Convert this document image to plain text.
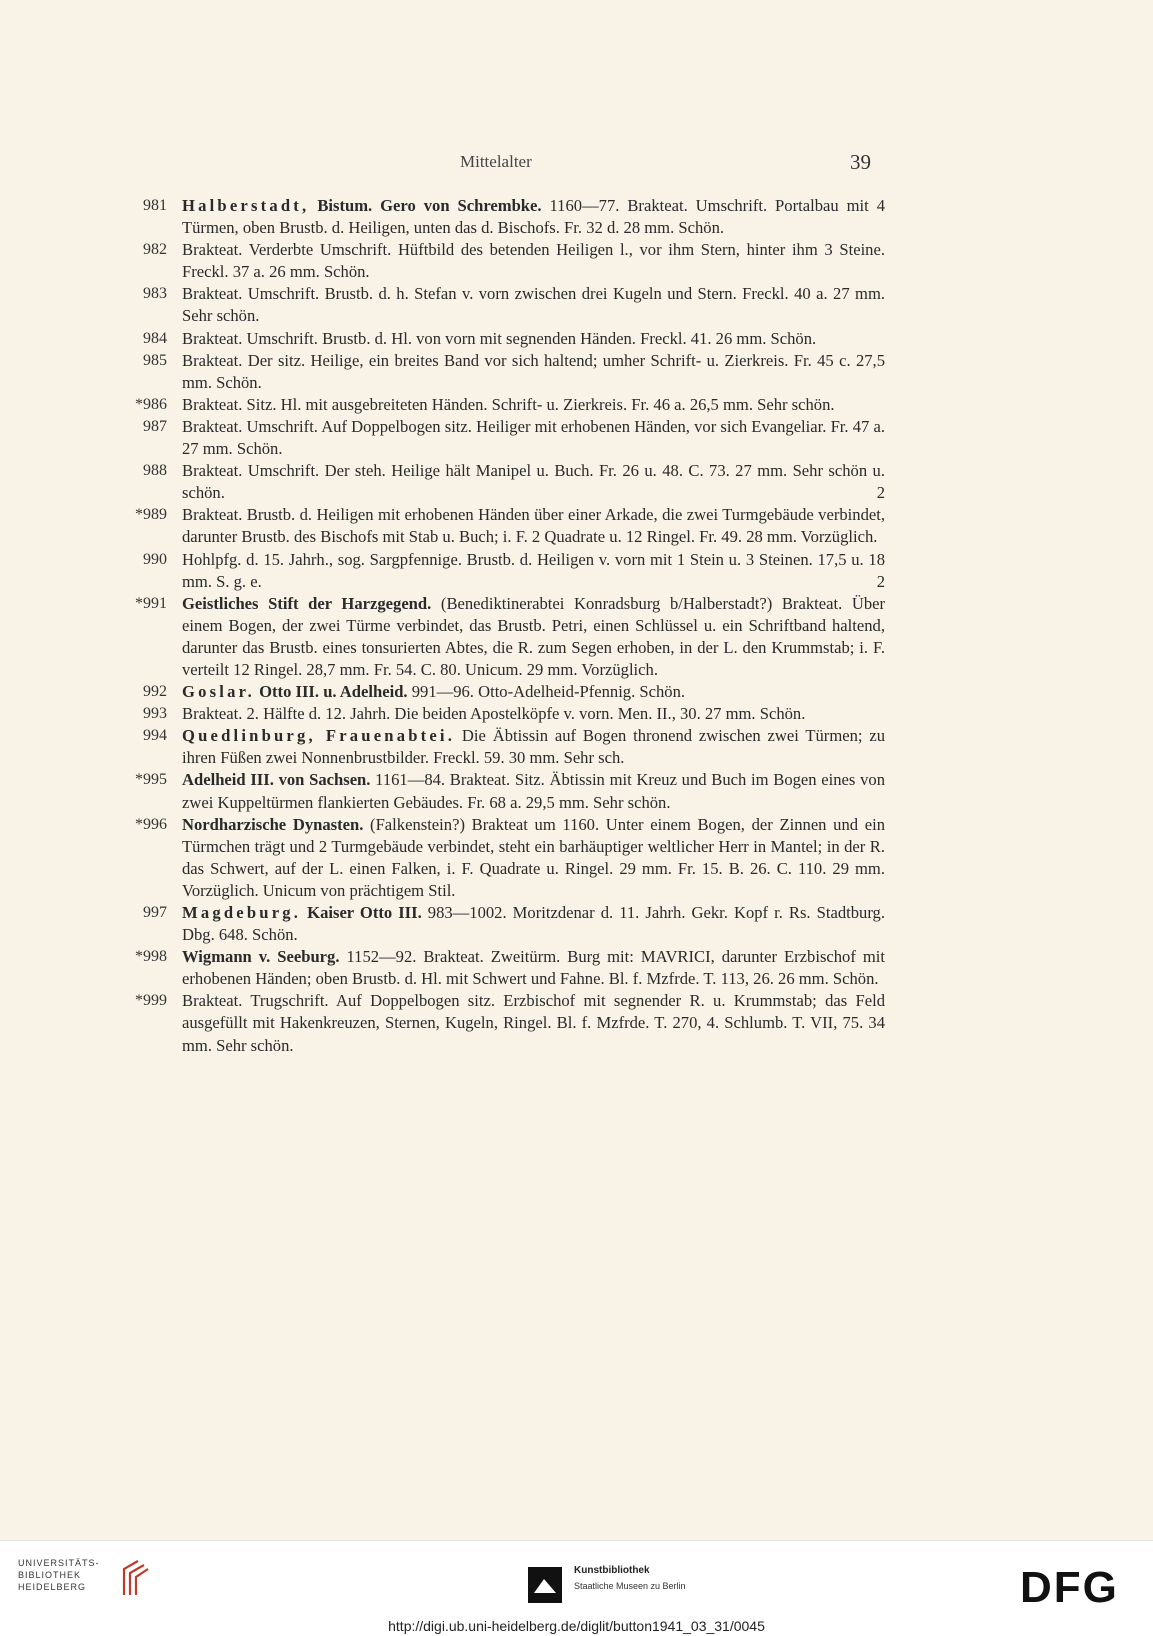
Mittelalter	39
981 Halberstadt, Bistum. Gero von Schrembke. 1160—77. Brakteat. Umschrift. Portalbau mit 4 Türmen, oben Brustb. d. Heiligen, unten das d. Bischofs. Fr. 32 d. 28 mm. Schön.
982 Brakteat. Verderbte Umschrift. Hüftbild des betenden Heiligen l., vor ihm Stern, hinter ihm 3 Steine. Freckl. 37 a. 26 mm. Schön.
983 Brakteat. Umschrift. Brustb. d. h. Stefan v. vorn zwischen drei Kugeln und Stern. Freckl. 40 a. 27 mm. Sehr schön.
984 Brakteat. Umschrift. Brustb. d. Hl. von vorn mit segnenden Händen. Freckl. 41. 26 mm. Schön.
985 Brakteat. Der sitz. Heilige, ein breites Band vor sich haltend; umher Schrift- u. Zierkreis. Fr. 45 c. 27,5 mm. Schön.
*986 Brakteat. Sitz. Hl. mit ausgebreiteten Händen. Schrift- u. Zierkreis. Fr. 46 a. 26,5 mm. Sehr schön.
987 Brakteat. Umschrift. Auf Doppelbogen sitz. Heiliger mit erhobenen Händen, vor sich Evangeliar. Fr. 47 a. 27 mm. Schön.
988 Brakteat. Umschrift. Der steh. Heilige hält Manipel u. Buch. Fr. 26 u. 48. C. 73. 27 mm. Sehr schön u. schön.	2
*989 Brakteat. Brustb. d. Heiligen mit erhobenen Händen über einer Arkade, die zwei Turmgebäude verbindet, darunter Brustb. des Bischofs mit Stab u. Buch; i. F. 2 Quadrate u. 12 Ringel. Fr. 49. 28 mm. Vorzüglich.
990 Hohlpfg. d. 15. Jahrh., sog. Sargpfennige. Brustb. d. Heiligen v. vorn mit 1 Stein u. 3 Steinen. 17,5 u. 18 mm. S. g. e.	2
*991 Geistliches Stift der Harzgegend. (Benediktinerabtei Konradsburg b/Halberstadt?) Brakteat. Über einem Bogen, der zwei Türme verbindet, das Brustb. Petri, einen Schlüssel u. ein Schriftband haltend, darunter das Brustb. eines tonsurierten Abtes, die R. zum Segen erhoben, in der L. den Krummstab; i. F. verteilt 12 Ringel. 28,7 mm. Fr. 54. C. 80. Unicum. 29 mm. Vorzüglich.
992 Goslar. Otto III. u. Adelheid. 991—96. Otto-Adelheid-Pfennig. Schön.
993 Brakteat. 2. Hälfte d. 12. Jahrh. Die beiden Apostelköpfe v. vorn. Men. II., 30. 27 mm. Schön.
994 Quedlinburg, Frauenabtei. Die Äbtissin auf Bogen thronend zwischen zwei Türmen; zu ihren Füßen zwei Nonnenbrustbilder. Freckl. 59. 30 mm. Sehr sch.
*995 Adelheid III. von Sachsen. 1161—84. Brakteat. Sitz. Äbtissin mit Kreuz und Buch im Bogen eines von zwei Kuppeltürmen flankierten Gebäudes. Fr. 68 a. 29,5 mm. Sehr schön.
*996 Nordharzische Dynasten. (Falkenstein?) Brakteat um 1160. Unter einem Bogen, der Zinnen und ein Türmchen trägt und 2 Turmgebäude verbindet, steht ein barhäuptiger weltlicher Herr in Mantel; in der R. das Schwert, auf der L. einen Falken, i. F. Quadrate u. Ringel. 29 mm. Fr. 15. B. 26. C. 110. 29 mm. Vorzüglich. Unicum von prächtigem Stil.
997 Magdeburg. Kaiser Otto III. 983—1002. Moritzdenar d. 11. Jahrh. Gekr. Kopf r. Rs. Stadtburg. Dbg. 648. Schön.
*998 Wigmann v. Seeburg. 1152—92. Brakteat. Zweitürm. Burg mit: MAVRICI, darunter Erzbischof mit erhobenen Händen; oben Brustb. d. Hl. mit Schwert und Fahne. Bl. f. Mzfrde. T. 113, 26. 26 mm. Schön.
*999 Brakteat. Trugschrift. Auf Doppelbogen sitz. Erzbischof mit segnender R. u. Krummstab; das Feld ausgefüllt mit Hakenkreuzen, Sternen, Kugeln, Ringel. Bl. f. Mzfrde. T. 270, 4. Schlumb. T. VII, 75. 34 mm. Sehr schön.
UNIVERSITÄTS-
BIBLIOTHEK
HEIDELBERG
Kunstbibliothek
Staatliche Museen zu Berlin	DFG
http://digi.ub.uni-heidelberg.de/diglit/button1941_03_31/0045
